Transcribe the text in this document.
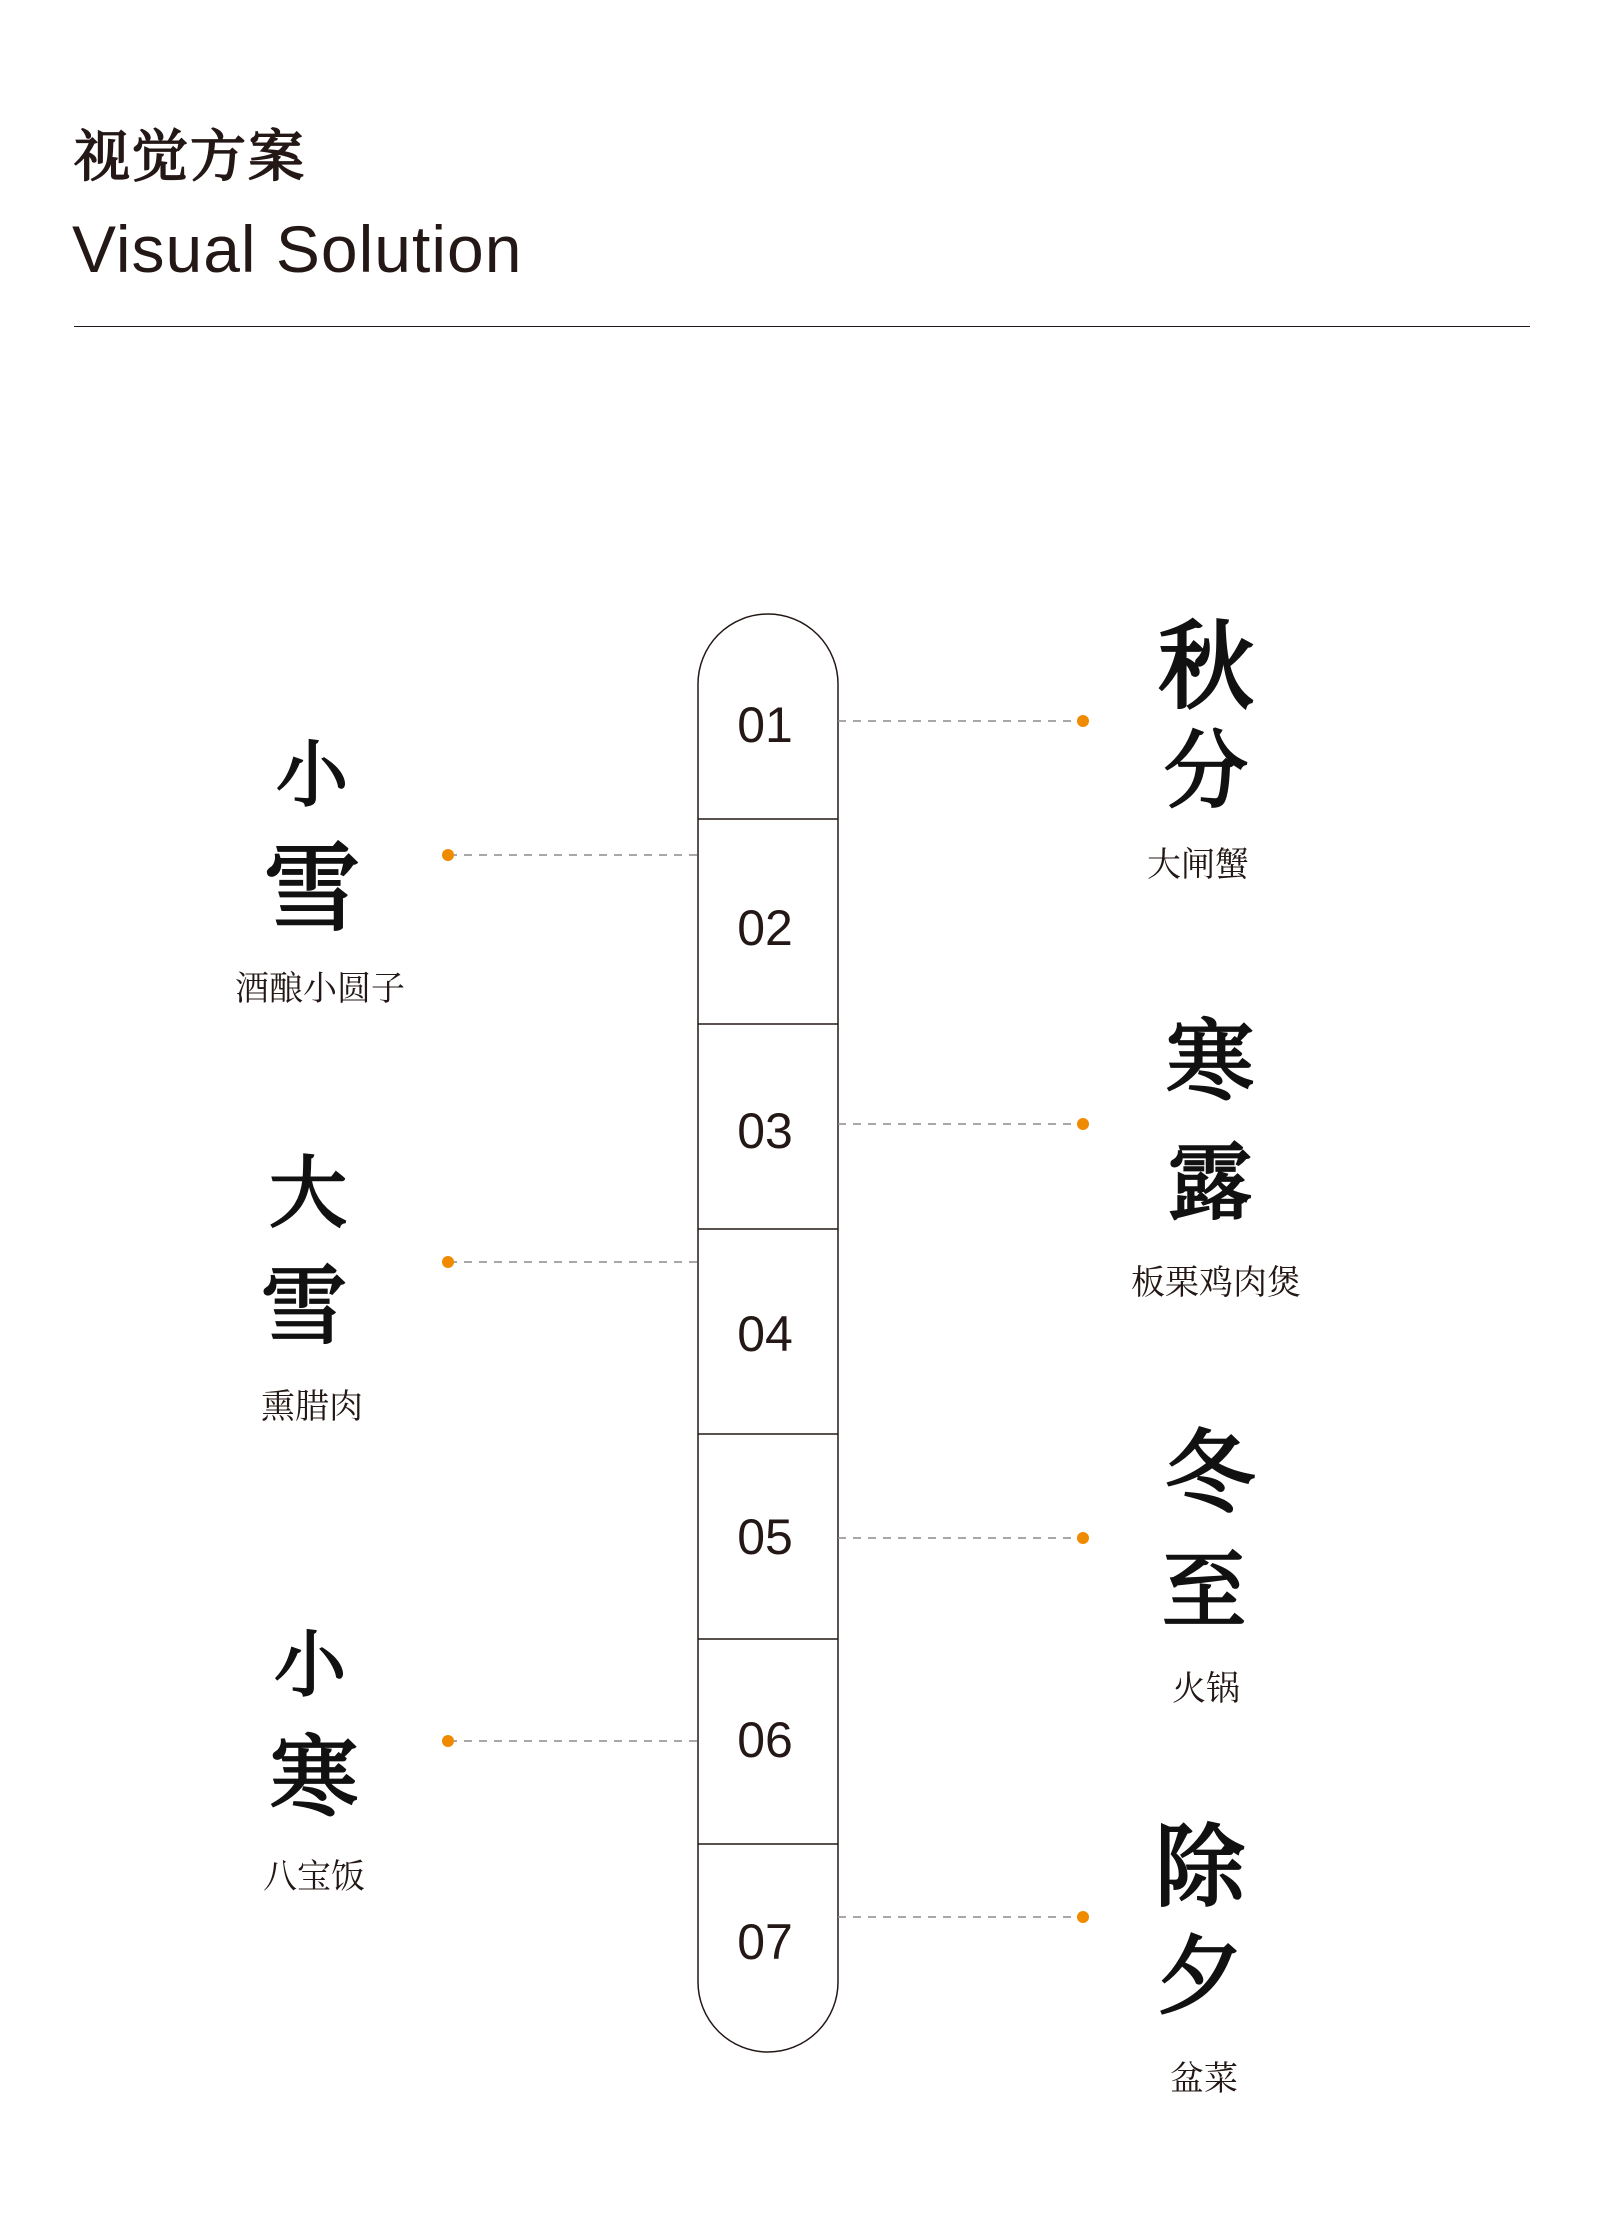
视觉方案
Visual Solution
01
02
03
04
05
06
07
秋
分
大闸蟹
小
雪
酒酿小圆子
寒
露
板栗鸡肉煲
大
雪
熏腊肉
冬
至
火锅
小
寒
八宝饭	除
夕
盆菜
